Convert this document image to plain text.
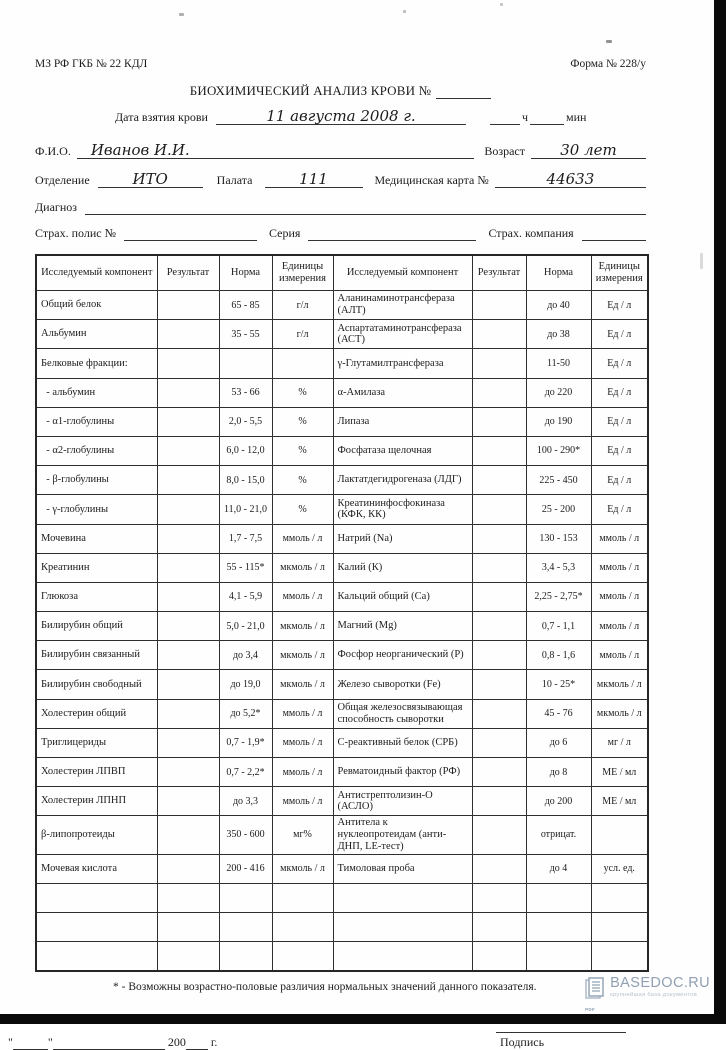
МЗ РФ ГКБ № 22 КДЛ	Форма № 228/у
БИОХИМИЧЕСКИЙ АНАЛИЗ КРОВИ №
Дата взятия крови	11 августа 2008 г.	ч	мин
Ф.И.О.	Иванов И.И.	Возраст	30 лет
Отделение	ИТО	Палата	111	Медицинская карта №	44633
Диагноз
Страх. полис №	Серия	Страх. компания
Исследуемый компонент	Результат	Норма	Единицы измерения	Исследуемый компонент	Результат	Норма	Единицы измерения
Общий белок		65 - 85	г/л	Аланинаминотрансфераза (АЛТ)		до 40	Ед / л
Альбумин		35 - 55	г/л	Аспартатаминотрансфераза (АСТ)		до 38	Ед / л
Белковые фракции:				γ-Глутамилтрансфераза		11-50	Ед / л
- альбумин		53 - 66	%	α-Амилаза		до 220	Ед / л
- α1-глобулины		2,0 - 5,5	%	Липаза		до 190	Ед / л
- α2-глобулины		6,0 - 12,0	%	Фосфатаза щелочная		100 - 290*	Ед / л
- β-глобулины		8,0 - 15,0	%	Лактатдегидрогеназа (ЛДГ)		225 - 450	Ед / л
- γ-глобулины		11,0 - 21,0	%	Креатининфосфокиназа (КФК, КК)		25 - 200	Ед / л
Мочевина		1,7 - 7,5	ммоль / л	Натрий (Na)		130 - 153	ммоль / л
Креатинин		55 - 115*	мкмоль / л	Калий (К)		3,4 - 5,3	ммоль / л
Глюкоза		4,1 - 5,9	ммоль / л	Кальций общий (Ca)		2,25 - 2,75*	ммоль / л
Билирубин общий		5,0 - 21,0	мкмоль / л	Магний (Mg)		0,7 - 1,1	ммоль / л
Билирубин связанный		до 3,4	мкмоль / л	Фосфор неорганический (Р)		0,8 - 1,6	ммоль / л
Билирубин свободный		до 19,0	мкмоль / л	Железо сыворотки (Fe)		10 - 25*	мкмоль / л
Холестерин общий		до 5,2*	ммоль / л	Общая железосвязывающая способность сыворотки		45 - 76	мкмоль / л
Триглицериды		0,7 - 1,9*	ммоль / л	С-реактивный белок (СРБ)		до 6	мг / л
Холестерин ЛПВП		0,7 - 2,2*	ммоль / л	Ревматоидный фактор (РФ)		до 8	МЕ / мл
Холестерин ЛПНП		до 3,3	ммоль / л	Антистрептолизин-О (АСЛО)		до 200	МЕ / мл
β-липопротеиды		350 - 600	мг%	Антитела к нуклеопротеидам (анти-ДНП, LE-тест)		отрицат.	
Мочевая кислота		200 - 416	мкмоль / л	Тимоловая проба		до 4	усл. ед.

* - Возможны возрастно-половые различия нормальных значений данного показателя.
"	"	200 г.	Подпись
PDF
BASEDOC.RU
крупнейшая база документов
